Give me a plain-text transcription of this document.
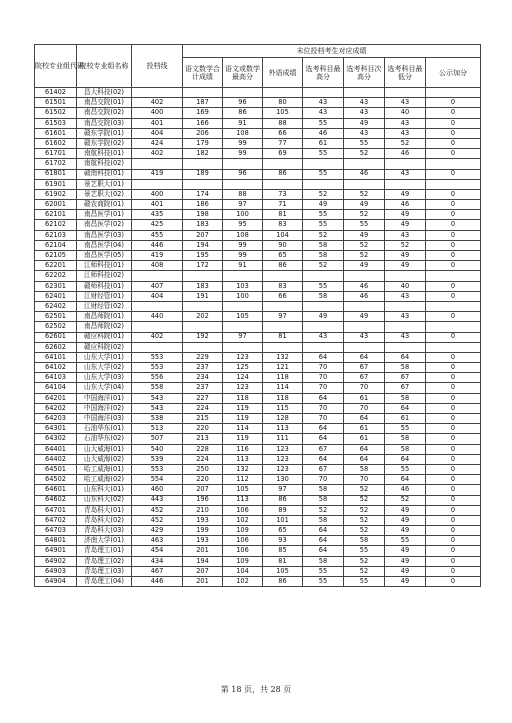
院校专业组代码	院校专业组名称	投档线	末位投档考生对应成绩						
			语文数学合计成绩	语文或数学最高分	外语成绩	选考科目最高分	选考科目次高分	选考科目最低分	公示加分
61402	昌大科技(02)								
61501	南昌交院(01)	402	187	96	80	43	43	43	0
61502	南昌交院(02)	400	169	86	105	43	43	40	0
61503	南昌交院(03)	401	166	91	88	55	49	43	0
61601	赣东学院(01)	404	206	108	66	46	43	43	0
61602	赣东学院(02)	424	179	99	77	61	55	52	0
61701	南航科技(01)	402	182	99	69	55	52	46	0
61702	南航科技(02)								
61801	赣南科技(01)	419	189	96	86	55	46	43	0
61901	景艺职大(01)								
61902	景艺职大(02)	400	174	88	73	52	52	49	0
62001	赣农商院(01)	401	186	97	71	49	49	46	0
62101	南昌医学(01)	435	198	100	81	55	52	49	0
62102	南昌医学(02)	425	183	95	83	55	55	49	0
62103	南昌医学(03)	455	207	108	104	52	49	43	0
62104	南昌医学(04)	446	194	99	90	58	52	52	0
62105	南昌医学(05)	419	195	99	65	58	52	49	0
62201	江师科技(01)	408	172	91	86	52	49	49	0
62202	江师科技(02)								
62301	赣师科技(01)	407	183	103	83	55	46	40	0
62401	江财经管(01)	404	191	100	66	58	46	43	0
62402	江财经管(02)								
62501	南昌师院(01)	440	202	105	97	49	49	43	0
62502	南昌师院(02)								
62601	赣应科院(01)	402	192	97	81	43	43	43	0
62602	赣应科院(02)								
64101	山东大学(01)	553	229	123	132	64	64	64	0
64102	山东大学(02)	553	237	125	121	70	67	58	0
64103	山东大学(03)	556	234	124	118	70	67	67	0
64104	山东大学(04)	558	237	123	114	70	70	67	0
64201	中国海洋(01)	543	227	118	118	64	61	58	0
64202	中国海洋(02)	543	224	119	115	70	70	64	0
64203	中国海洋(03)	538	215	119	128	70	64	61	0
64301	石油华东(01)	513	220	114	113	64	61	55	0
64302	石油华东(02)	507	213	119	111	64	61	58	0
64401	山大威海(01)	540	228	116	123	67	64	58	0
64402	山大威海(02)	539	224	113	123	64	64	64	0
64501	哈工威海(01)	553	250	132	123	67	58	55	0
64502	哈工威海(02)	554	220	112	130	70	70	64	0
64601	山东科大(01)	460	207	105	97	58	52	46	0
64602	山东科大(02)	443	196	113	86	58	52	52	0
64701	青岛科大(01)	452	210	106	89	52	52	49	0
64702	青岛科大(02)	452	193	102	101	58	52	49	0
64703	青岛科大(03)	429	199	109	65	64	52	49	0
64801	济南大学(01)	463	193	106	93	64	58	55	0
64901	青岛理工(01)	454	201	106	85	64	55	49	0
64902	青岛理工(02)	434	194	109	81	58	52	49	0
64903	青岛理工(03)	467	207	104	105	55	52	49	0
64904	青岛理工(04)	446	201	102	86	55	55	49	0
第 18 页，共 28 页
